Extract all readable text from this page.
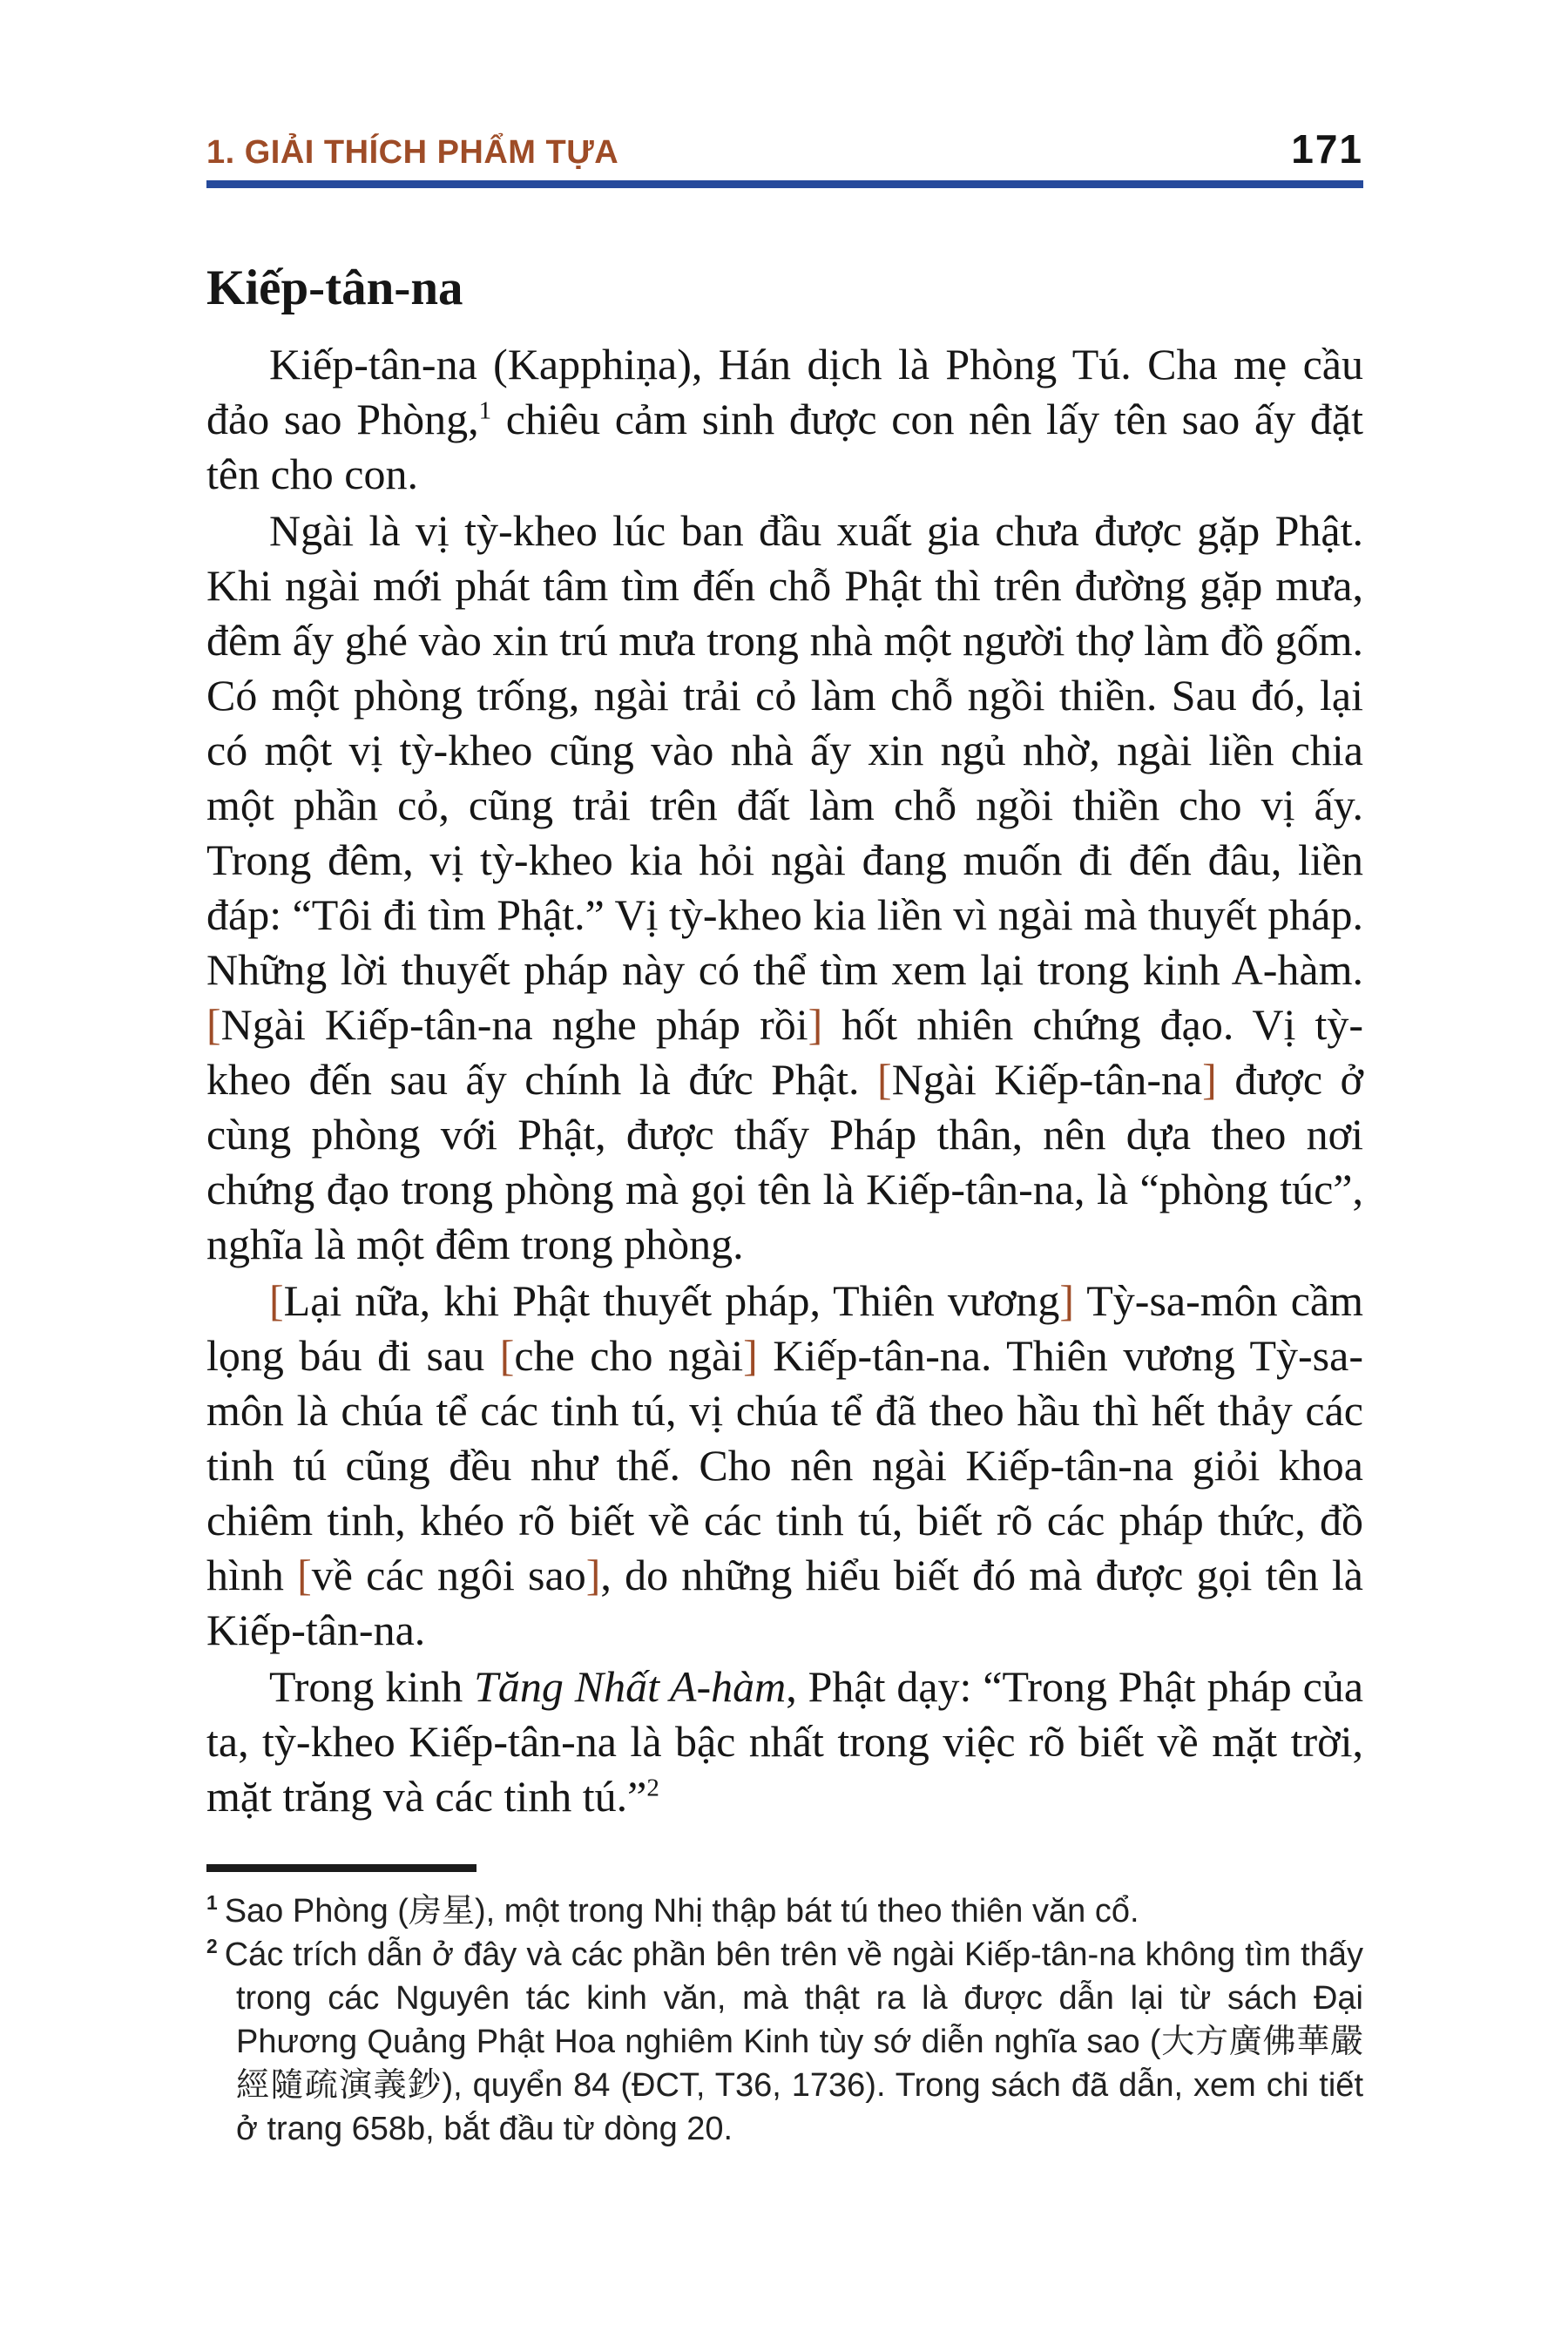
1. GIẢI THÍCH PHẨM TỰA	171
Kiếp-tân-na

Kiếp-tân-na (Kapphiṇa), Hán dịch là Phòng Tú. Cha mẹ cầu đảo sao Phòng,$^1$ chiêu cảm sinh được con nên lấy tên sao ấy đặt tên cho con.

Ngài là vị tỳ-kheo lúc ban đầu xuất gia chưa được gặp Phật. Khi ngài mới phát tâm tìm đến chỗ Phật thì trên đường gặp mưa, đêm ấy ghé vào xin trú mưa trong nhà một người thợ làm đồ gốm. Có một phòng trống, ngài trải cỏ làm chỗ ngồi thiền. Sau đó, lại có một vị tỳ-kheo cũng vào nhà ấy xin ngủ nhờ, ngài liền chia một phần cỏ, cũng trải trên đất làm chỗ ngồi thiền cho vị ấy. Trong đêm, vị tỳ-kheo kia hỏi ngài đang muốn đi đến đâu, liền đáp: “Tôi đi tìm Phật.” Vị tỳ-kheo kia liền vì ngài mà thuyết pháp. Những lời thuyết pháp này có thể tìm xem lại trong kinh A-hàm. [Ngài Kiếp-tân-na nghe pháp rồi] hốt nhiên chứng đạo. Vị tỳ-kheo đến sau ấy chính là đức Phật. [Ngài Kiếp-tân-na] được ở cùng phòng với Phật, được thấy Pháp thân, nên dựa theo nơi chứng đạo trong phòng mà gọi tên là Kiếp-tân-na, là “phòng túc”, nghĩa là một đêm trong phòng.

[Lại nữa, khi Phật thuyết pháp, Thiên vương] Tỳ-sa-môn cầm lọng báu đi sau [che cho ngài] Kiếp-tân-na. Thiên vương Tỳ-sa-môn là chúa tể các tinh tú, vị chúa tể đã theo hầu thì hết thảy các tinh tú cũng đều như thế. Cho nên ngài Kiếp-tân-na giỏi khoa chiêm tinh, khéo rõ biết về các tinh tú, biết rõ các pháp thức, đồ hình [về các ngôi sao], do những hiểu biết đó mà được gọi tên là Kiếp-tân-na.

Trong kinh Tăng Nhất A-hàm, Phật dạy: “Trong Phật pháp của ta, tỳ-kheo Kiếp-tân-na là bậc nhất trong việc rõ biết về mặt trời, mặt trăng và các tinh tú.”$^2$

$^1$ Sao Phòng (房星), một trong Nhị thập bát tú theo thiên văn cổ.

$^2$ Các trích dẫn ở đây và các phần bên trên về ngài Kiếp-tân-na không tìm thấy trong các Nguyên tác kinh văn, mà thật ra là được dẫn lại từ sách Đại Phương Quảng Phật Hoa nghiêm Kinh tùy sớ diễn nghĩa sao (大方廣佛華嚴經隨疏演義鈔), quyển 84 (ĐCT, T36, 1736). Trong sách đã dẫn, xem chi tiết ở trang 658b, bắt đầu từ dòng 20.
